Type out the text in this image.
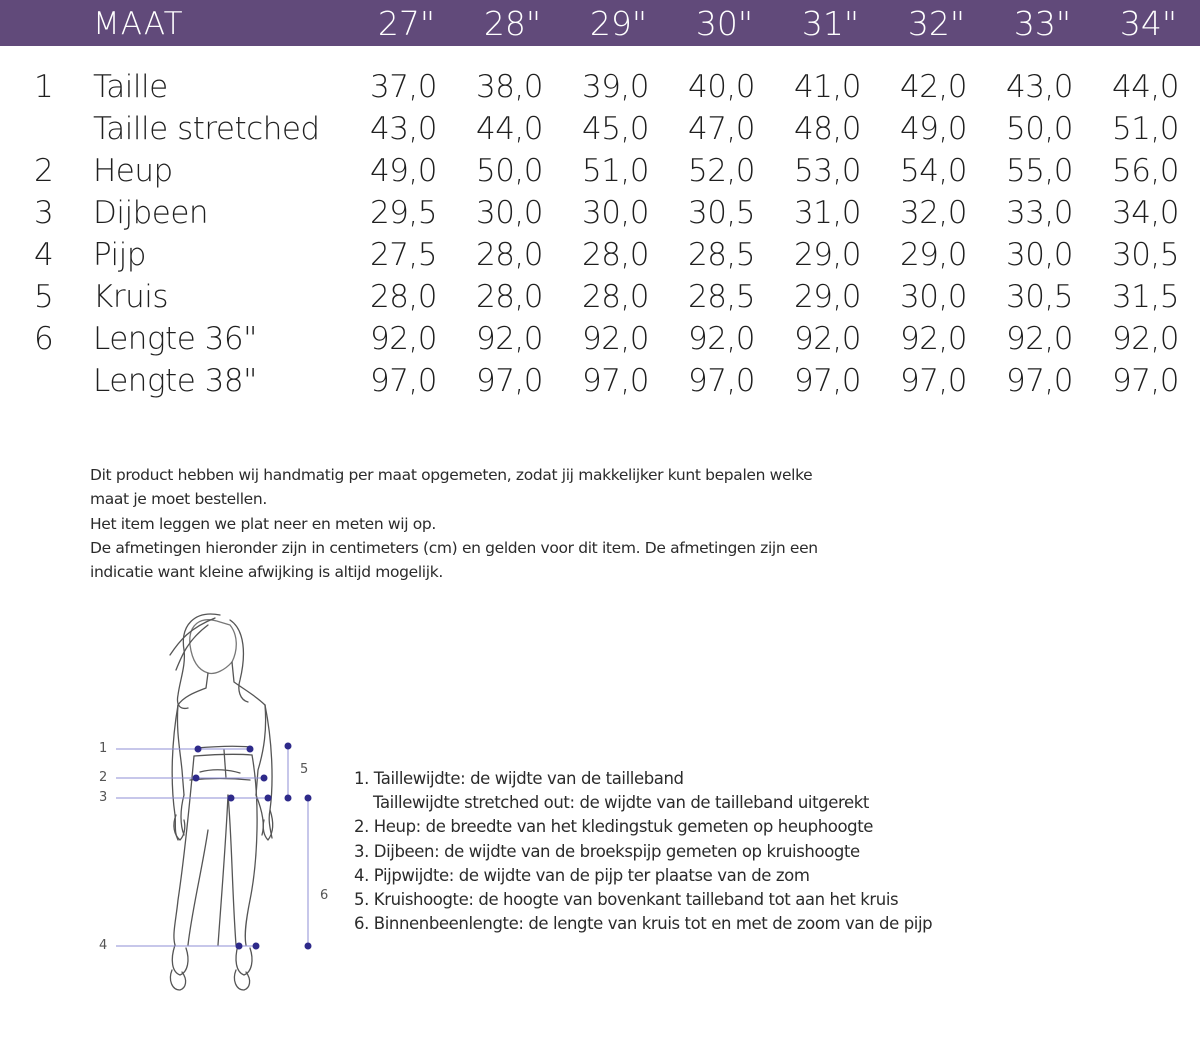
MAAT	27"	28"	29"	30"	31"	32"	33"	34"
1 Taille	37,0	38,0	39,0	40,0	41,0	42,0	43,0	44,0
Taille stretched	43,0	44,0	45,0	47,0	48,0	49,0	50,0	51,0
2 Heup	49,0	50,0	51,0	52,0	53,0	54,0	55,0	56,0
3 Dijbeen	29,5	30,0	30,0	30,5	31,0	32,0	33,0	34,0
4 Pijp	27,5	28,0	28,0	28,5	29,0	29,0	30,0	30,5
5 Kruis	28,0	28,0	28,0	28,5	29,0	30,0	30,5	31,5
6 Lengte 36"	92,0	92,0	92,0	92,0	92,0	92,0	92,0	92,0
Lengte 38"	97,0	97,0	97,0	97,0	97,0	97,0	97,0	97,0

Dit product hebben wij handmatig per maat opgemeten, zodat jij makkelijker kunt bepalen welke

maat je moet bestellen.

Het item leggen we plat neer en meten wij op.

De afmetingen hieronder zijn in centimeters (cm) en gelden voor dit item. De afmetingen zijn een

indicatie want kleine afwijking is altijd mogelijk.

1
2
3
4
5
6

1. Taillewijdte: de wijdte van de tailleband

Taillewijdte stretched out: de wijdte van de tailleband uitgerekt

2. Heup: de breedte van het kledingstuk gemeten op heuphoogte

3. Dijbeen: de wijdte van de broekspijp gemeten op kruishoogte

4. Pijpwijdte: de wijdte van de pijp ter plaatse van de zom

5. Kruishoogte: de hoogte van bovenkant tailleband tot aan het kruis

6. Binnenbeenlengte: de lengte van kruis tot en met de zoom van de pijp
